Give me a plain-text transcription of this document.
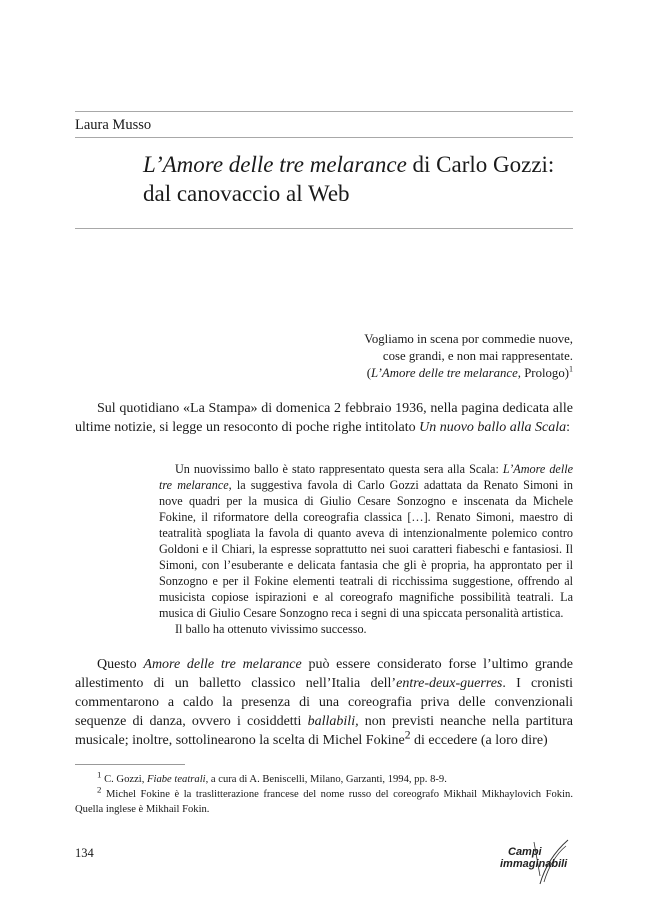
Laura Musso
L’Amore delle tre melarance di Carlo Gozzi:
dal canovaccio al Web
Vogliamo in scena por commedie nuove,
cose grandi, e non mai rappresentate.
(L’Amore delle tre melarance, Prologo)$^1$
Sul quotidiano «La Stampa» di domenica 2 febbraio 1936, nella pagina dedicata alle ultime notizie, si legge un resoconto di poche righe intitolato Un nuovo ballo alla Scala:
Un nuovissimo ballo è stato rappresentato questa sera alla Scala: L’Amore delle tre melarance, la suggestiva favola di Carlo Gozzi adattata da Renato Simoni in nove quadri per la musica di Giulio Cesare Sonzogno e inscenata da Michele Fokine, il riformatore della coreografia classica […]. Renato Simoni, maestro di teatralità spogliata la favola di quanto aveva di intenzionalmente polemico contro Goldoni e il Chiari, la espresse soprattutto nei suoi caratteri fiabeschi e fantasiosi. Il Simoni, con l’esuberante e delicata fantasia che gli è propria, ha approntato per il Sonzogno e per il Fokine elementi teatrali di ricchissima suggestione, offrendo al musicista copiose ispirazioni e al coreografo magnifiche possibilità teatrali. La musica di Giulio Cesare Sonzogno reca i segni di una spiccata personalità artistica.
Il ballo ha ottenuto vivissimo successo.
Questo Amore delle tre melarance può essere considerato forse l’ultimo grande allestimento di un balletto classico nell’Italia dell’entre-deux-guerres. I cronisti commentarono a caldo la presenza di una coreografia priva delle convenzionali sequenze di danza, ovvero i cosiddetti ballabili, non previsti neanche nella partitura musicale; inoltre, sottolinearono la scelta di Michel Fokine$^2$ di eccedere (a loro dire)
$^1$ C. Gozzi, Fiabe teatrali, a cura di A. Beniscelli, Milano, Garzanti, 1994, pp. 8-9.
$^2$ Michel Fokine è la traslitterazione francese del nome russo del coreografo Mikhail Mikhaylovich Fokin. Quella inglese è Mikhail Fokin.
134	Campi
immaginabili
